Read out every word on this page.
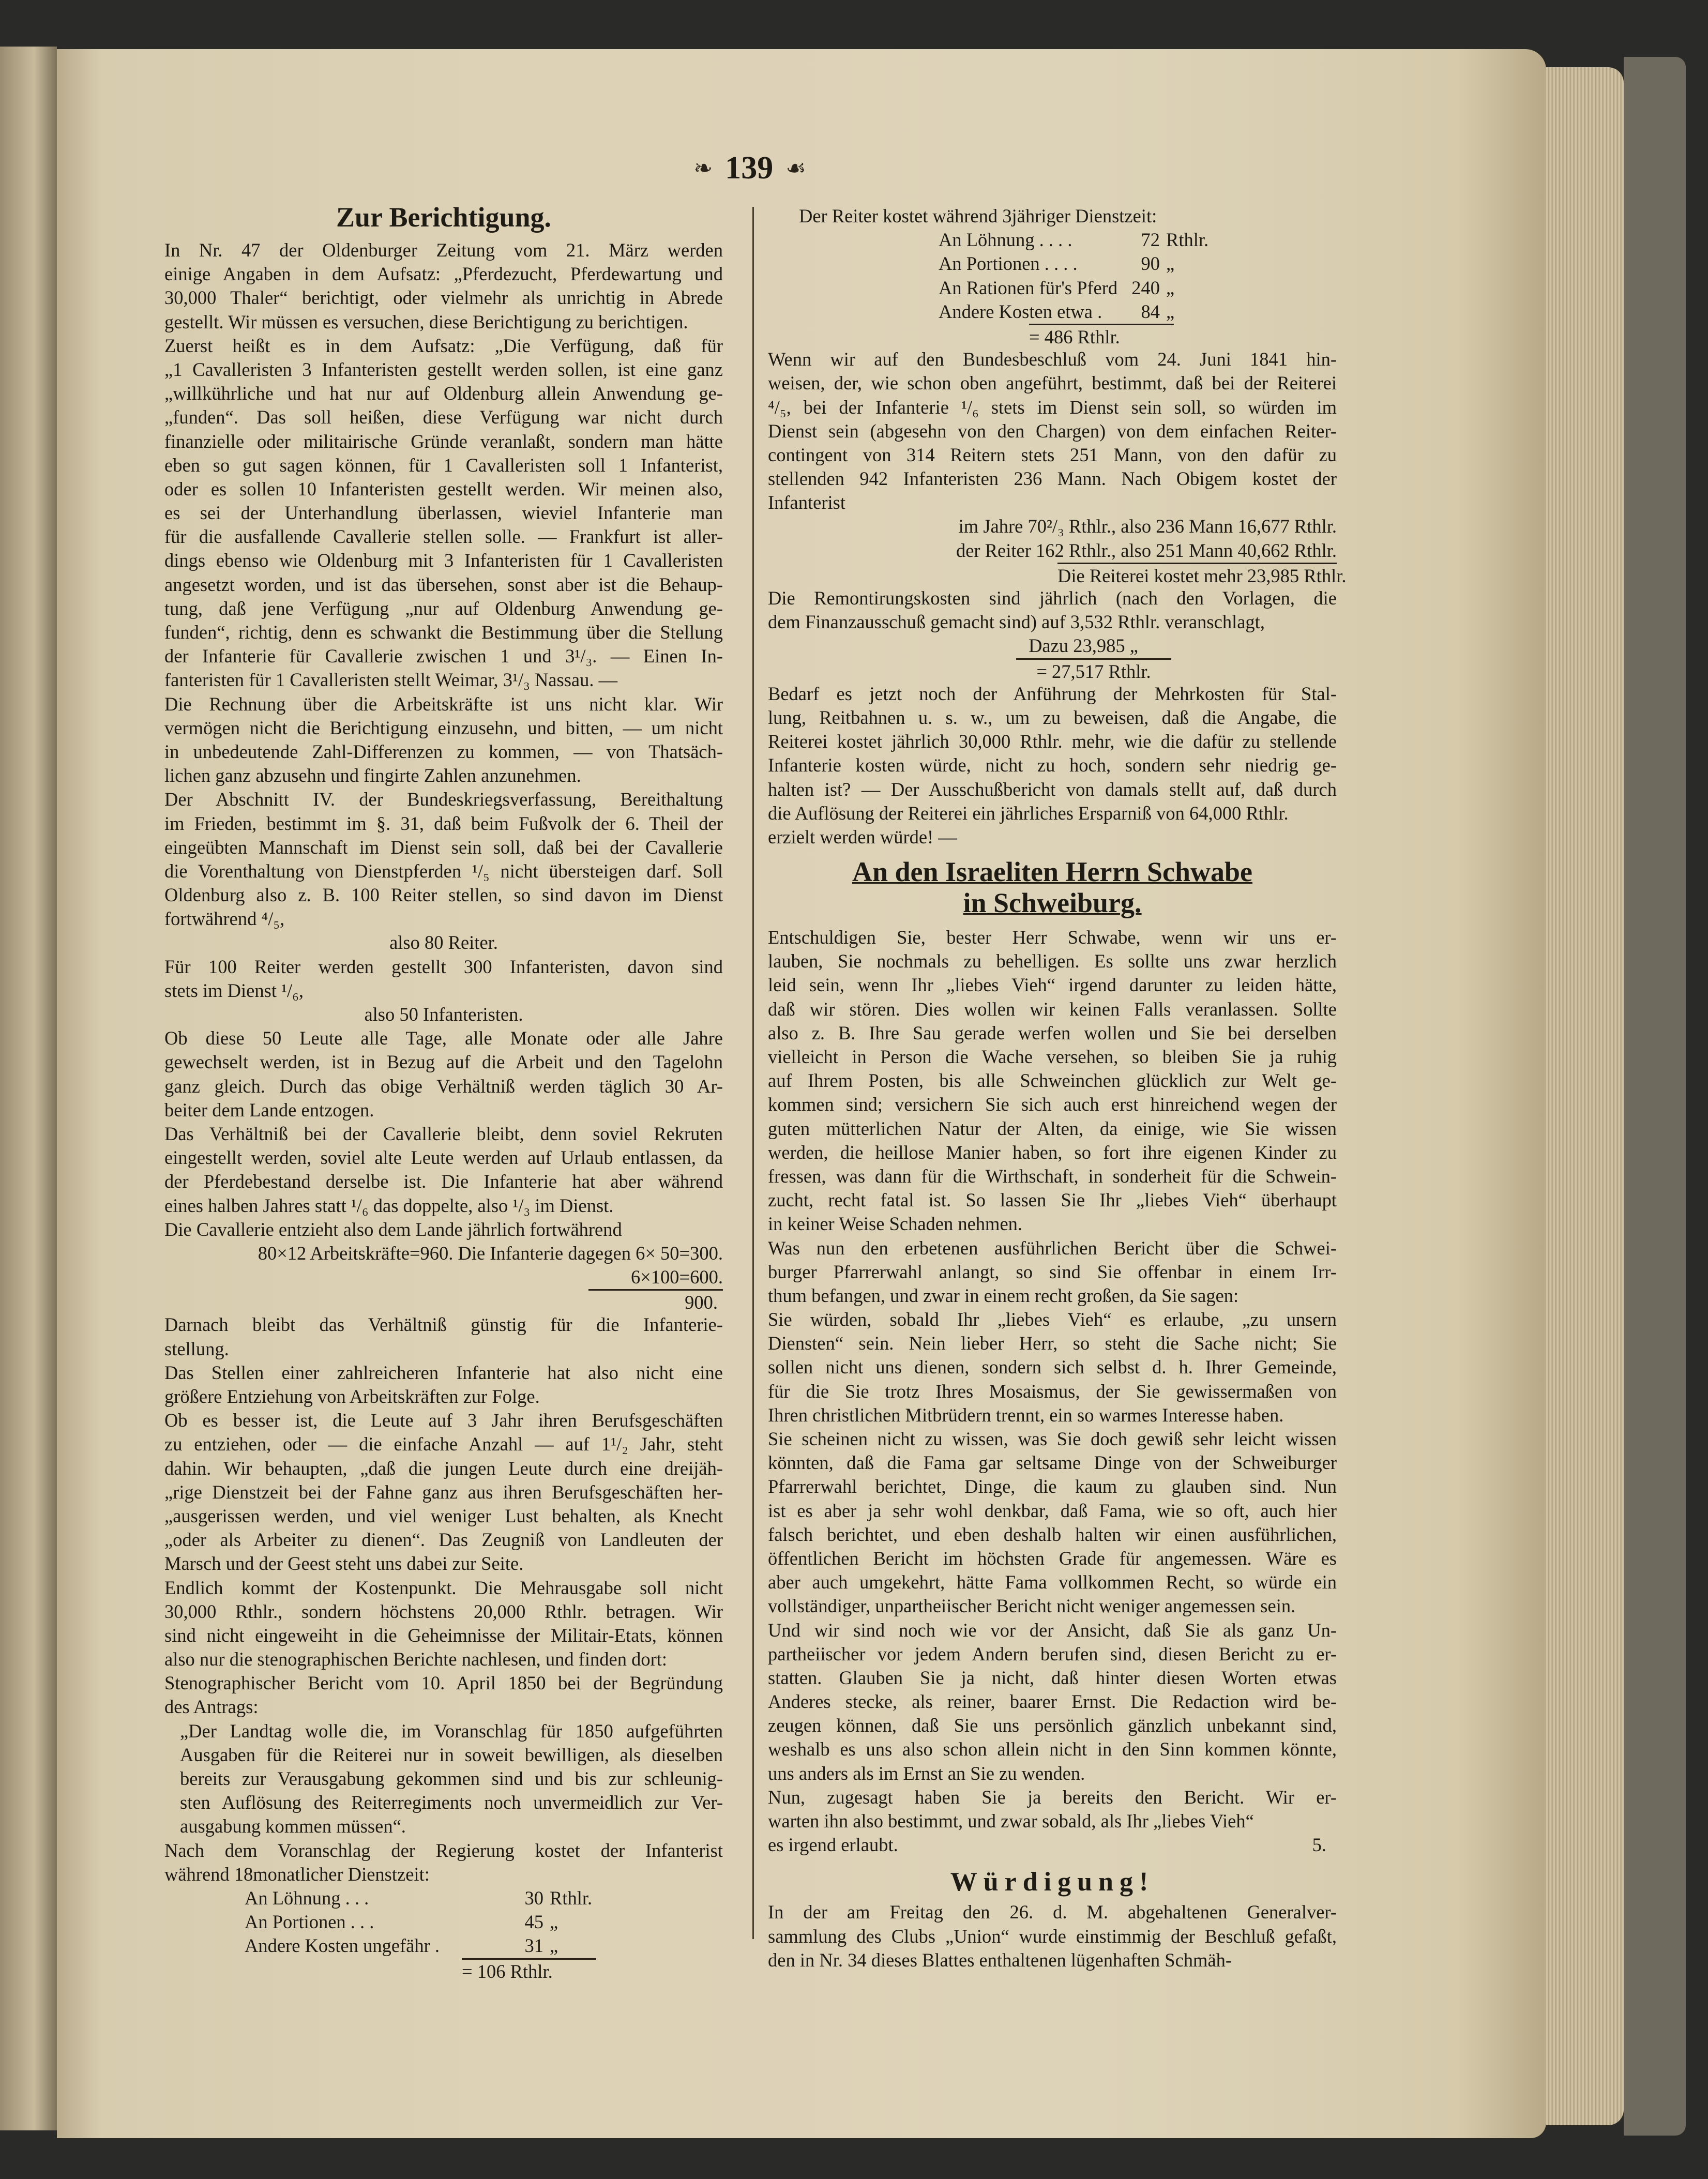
❧ 139 ☙
Zur Berichtigung.
In Nr. 47 der Oldenburger Zeitung vom 21. März werden
einige Angaben in dem Aufsatz: „Pferdezucht, Pferdewartung und
30,000 Thaler“ berichtigt, oder vielmehr als unrichtig in Abrede
gestellt. Wir müssen es versuchen, diese Berichtigung zu berichtigen.
Zuerst heißt es in dem Aufsatz: „Die Verfügung, daß für
„1 Cavalleristen 3 Infanteristen gestellt werden sollen, ist eine ganz
„willkührliche und hat nur auf Oldenburg allein Anwendung ge-
„funden“. Das soll heißen, diese Verfügung war nicht durch
finanzielle oder militairische Gründe veranlaßt, sondern man hätte
eben so gut sagen können, für 1 Cavalleristen soll 1 Infanterist,
oder es sollen 10 Infanteristen gestellt werden. Wir meinen also,
es sei der Unterhandlung überlassen, wieviel Infanterie man
für die ausfallende Cavallerie stellen solle. — Frankfurt ist aller-
dings ebenso wie Oldenburg mit 3 Infanteristen für 1 Cavalleristen
angesetzt worden, und ist das übersehen, sonst aber ist die Behaup-
tung, daß jene Verfügung „nur auf Oldenburg Anwendung ge-
funden“, richtig, denn es schwankt die Bestimmung über die Stellung
der Infanterie für Cavallerie zwischen 1 und 3¹/₃. — Einen In-
fanteristen für 1 Cavalleristen stellt Weimar, 3¹/₃ Nassau. —
Die Rechnung über die Arbeitskräfte ist uns nicht klar. Wir
vermögen nicht die Berichtigung einzusehn, und bitten, — um nicht
in unbedeutende Zahl-Differenzen zu kommen, — von Thatsäch-
lichen ganz abzusehn und fingirte Zahlen anzunehmen.
Der Abschnitt IV. der Bundeskriegsverfassung, Bereithaltung
im Frieden, bestimmt im §. 31, daß beim Fußvolk der 6. Theil der
eingeübten Mannschaft im Dienst sein soll, daß bei der Cavallerie
die Vorenthaltung von Dienstpferden ¹/₅ nicht übersteigen darf. Soll
Oldenburg also z. B. 100 Reiter stellen, so sind davon im Dienst
fortwährend ⁴/₅,
also 80 Reiter.
Für 100 Reiter werden gestellt 300 Infanteristen, davon sind
stets im Dienst ¹/₆,
also 50 Infanteristen.
Ob diese 50 Leute alle Tage, alle Monate oder alle Jahre
gewechselt werden, ist in Bezug auf die Arbeit und den Tagelohn
ganz gleich. Durch das obige Verhältniß werden täglich 30 Ar-
beiter dem Lande entzogen.
Das Verhältniß bei der Cavallerie bleibt, denn soviel Rekruten
eingestellt werden, soviel alte Leute werden auf Urlaub entlassen, da
der Pferdebestand derselbe ist. Die Infanterie hat aber während
eines halben Jahres statt ¹/₆ das doppelte, also ¹/₃ im Dienst.
Die Cavallerie entzieht also dem Lande jährlich fortwährend
80×12 Arbeitskräfte=960. Die Infanterie dagegen 6× 50=300.
6×100=600.
900.
Darnach bleibt das Verhältniß günstig für die Infanterie-
stellung.
Das Stellen einer zahlreicheren Infanterie hat also nicht eine
größere Entziehung von Arbeitskräften zur Folge.
Ob es besser ist, die Leute auf 3 Jahr ihren Berufsgeschäften
zu entziehen, oder — die einfache Anzahl — auf 1¹/₂ Jahr, steht
dahin. Wir behaupten, „daß die jungen Leute durch eine dreijäh-
„rige Dienstzeit bei der Fahne ganz aus ihren Berufsgeschäften her-
„ausgerissen werden, und viel weniger Lust behalten, als Knecht
„oder als Arbeiter zu dienen“. Das Zeugniß von Landleuten der
Marsch und der Geest steht uns dabei zur Seite.
Endlich kommt der Kostenpunkt. Die Mehrausgabe soll nicht
30,000 Rthlr., sondern höchstens 20,000 Rthlr. betragen. Wir
sind nicht eingeweiht in die Geheimnisse der Militair-Etats, können
also nur die stenographischen Berichte nachlesen, und finden dort:
Stenographischer Bericht vom 10. April 1850 bei der Begründung
des Antrags:
„Der Landtag wolle die, im Voranschlag für 1850 aufgeführten
Ausgaben für die Reiterei nur in soweit bewilligen, als dieselben
bereits zur Verausgabung gekommen sind und bis zur schleunig-
sten Auflösung des Reiterregiments noch unvermeidlich zur Ver-
ausgabung kommen müssen“.
Nach dem Voranschlag der Regierung kostet der Infanterist
während 18monatlicher Dienstzeit:
An Löhnung . . .	30 Rthlr.
An Portionen . . .	45 „
Andere Kosten ungefähr .	31 „
= 106 Rthlr.
Der Reiter kostet während 3jähriger Dienstzeit:
An Löhnung . . . .	72 Rthlr.
An Portionen . . . .	90 „
An Rationen für's Pferd 240 „
Andere Kosten etwa .	84 „
= 486 Rthlr.
Wenn wir auf den Bundesbeschluß vom 24. Juni 1841 hin-
weisen, der, wie schon oben angeführt, bestimmt, daß bei der Reiterei
⁴/₅, bei der Infanterie ¹/₆ stets im Dienst sein soll, so würden im
Dienst sein (abgesehn von den Chargen) von dem einfachen Reiter-
contingent von 314 Reitern stets 251 Mann, von den dafür zu
stellenden 942 Infanteristen 236 Mann. Nach Obigem kostet der
Infanterist
im Jahre 70²/₃ Rthlr., also 236 Mann 16,677 Rthlr.
der Reiter 162 Rthlr., also 251 Mann 40,662 Rthlr.
Die Reiterei kostet mehr 23,985 Rthlr.
Die Remontirungskosten sind jährlich (nach den Vorlagen, die
dem Finanzausschuß gemacht sind) auf 3,532 Rthlr. veranschlagt,
Dazu 23,985 „
= 27,517 Rthlr.
Bedarf es jetzt noch der Anführung der Mehrkosten für Stal-
lung, Reitbahnen u. s. w., um zu beweisen, daß die Angabe, die
Reiterei kostet jährlich 30,000 Rthlr. mehr, wie die dafür zu stellende
Infanterie kosten würde, nicht zu hoch, sondern sehr niedrig ge-
halten ist? — Der Ausschußbericht von damals stellt auf, daß durch
die Auflösung der Reiterei ein jährliches Ersparniß von 64,000 Rthlr.
erzielt werden würde! —
An den Israeliten Herrn Schwabe
in Schweiburg.
Entschuldigen Sie, bester Herr Schwabe, wenn wir uns er-
lauben, Sie nochmals zu behelligen. Es sollte uns zwar herzlich
leid sein, wenn Ihr „liebes Vieh“ irgend darunter zu leiden hätte,
daß wir stören. Dies wollen wir keinen Falls veranlassen. Sollte
also z. B. Ihre Sau gerade werfen wollen und Sie bei derselben
vielleicht in Person die Wache versehen, so bleiben Sie ja ruhig
auf Ihrem Posten, bis alle Schweinchen glücklich zur Welt ge-
kommen sind; versichern Sie sich auch erst hinreichend wegen der
guten mütterlichen Natur der Alten, da einige, wie Sie wissen
werden, die heillose Manier haben, so fort ihre eigenen Kinder zu
fressen, was dann für die Wirthschaft, in sonderheit für die Schwein-
zucht, recht fatal ist. So lassen Sie Ihr „liebes Vieh“ überhaupt
in keiner Weise Schaden nehmen.
Was nun den erbetenen ausführlichen Bericht über die Schwei-
burger Pfarrerwahl anlangt, so sind Sie offenbar in einem Irr-
thum befangen, und zwar in einem recht großen, da Sie sagen:
Sie würden, sobald Ihr „liebes Vieh“ es erlaube, „zu unsern
Diensten“ sein. Nein lieber Herr, so steht die Sache nicht; Sie
sollen nicht uns dienen, sondern sich selbst d. h. Ihrer Gemeinde,
für die Sie trotz Ihres Mosaismus, der Sie gewissermaßen von
Ihren christlichen Mitbrüdern trennt, ein so warmes Interesse haben.
Sie scheinen nicht zu wissen, was Sie doch gewiß sehr leicht wissen
könnten, daß die Fama gar seltsame Dinge von der Schweiburger
Pfarrerwahl berichtet, Dinge, die kaum zu glauben sind. Nun
ist es aber ja sehr wohl denkbar, daß Fama, wie so oft, auch hier
falsch berichtet, und eben deshalb halten wir einen ausführlichen,
öffentlichen Bericht im höchsten Grade für angemessen. Wäre es
aber auch umgekehrt, hätte Fama vollkommen Recht, so würde ein
vollständiger, unpartheiischer Bericht nicht weniger angemessen sein.
Und wir sind noch wie vor der Ansicht, daß Sie als ganz Un-
partheiischer vor jedem Andern berufen sind, diesen Bericht zu er-
statten. Glauben Sie ja nicht, daß hinter diesen Worten etwas
Anderes stecke, als reiner, baarer Ernst. Die Redaction wird be-
zeugen können, daß Sie uns persönlich gänzlich unbekannt sind,
weshalb es uns also schon allein nicht in den Sinn kommen könnte,
uns anders als im Ernst an Sie zu wenden.
Nun, zugesagt haben Sie ja bereits den Bericht. Wir er-
warten ihn also bestimmt, und zwar sobald, als Ihr „liebes Vieh“
es irgend erlaubt.	5.
Würdigung!
In der am Freitag den 26. d. M. abgehaltenen Generalver-
sammlung des Clubs „Union“ wurde einstimmig der Beschluß gefaßt,
den in Nr. 34 dieses Blattes enthaltenen lügenhaften Schmäh-
